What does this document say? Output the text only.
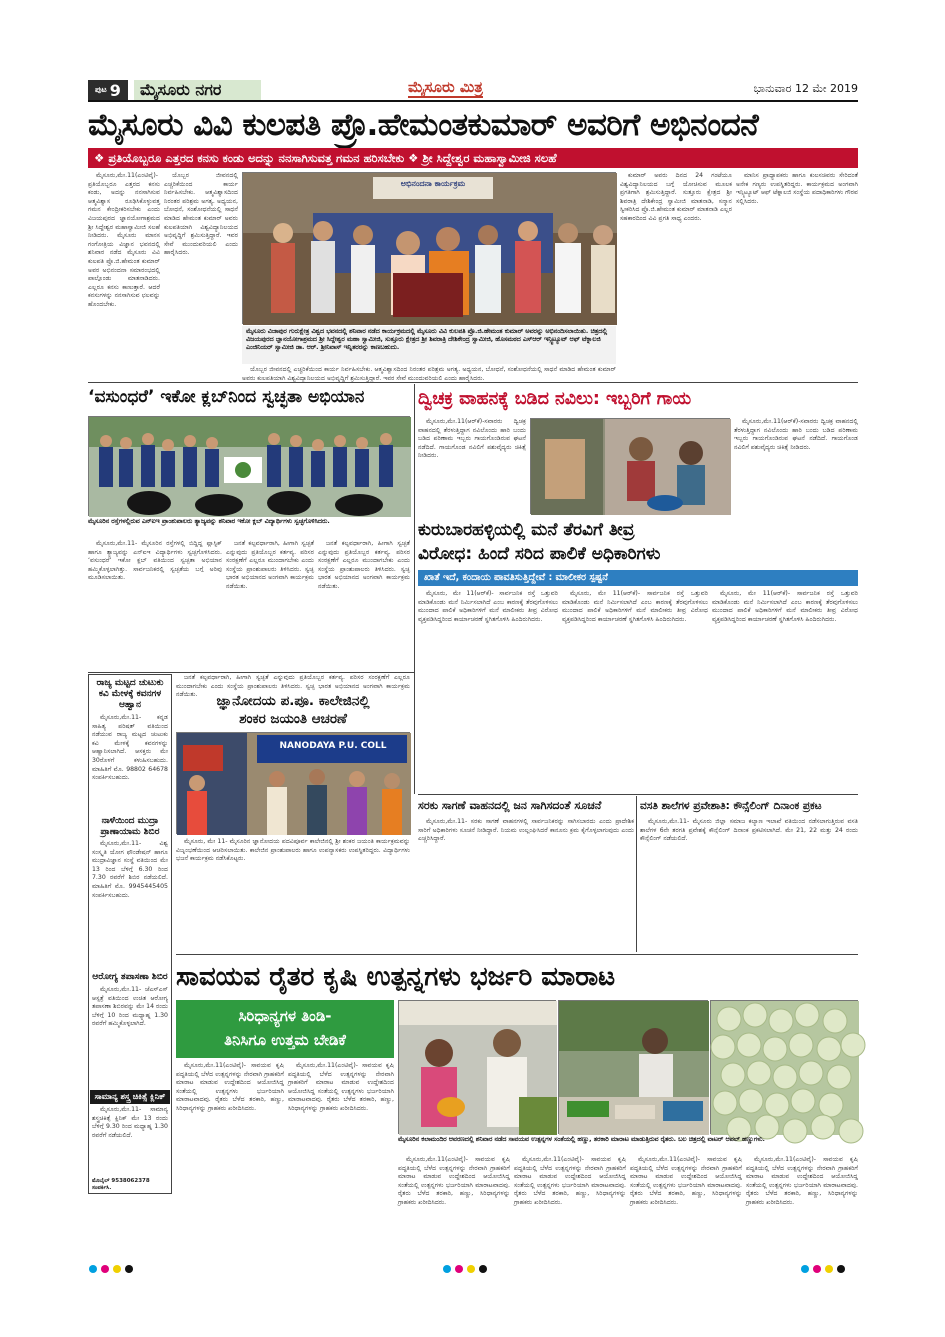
ಪುಟ 9	ಮೈಸೂರು ನಗರ	ಮೈಸೂರು ಮಿತ್ರ	ಭಾನುವಾರ 12 ಮೇ 2019
ಮೈಸೂರು ವಿವಿ ಕುಲಪತಿ ಪ್ರೊ.ಹೇಮಂತಕುಮಾರ್ ಅವರಿಗೆ ಅಭಿನಂದನೆ
❖ ಪ್ರತಿಯೊಬ್ಬರೂ ಎತ್ತರದ ಕನಸು ಕಂಡು ಅದನ್ನು ನನಸಾಗಿಸುವತ್ತ ಗಮನ ಹರಿಸಬೇಕು ❖ ಶ್ರೀ ಸಿದ್ದೇಶ್ವರ ಮಹಾಸ್ವಾಮೀಜಿ ಸಲಹೆ

ಮೈಸೂರು,ಮೇ.11(ಎಂಟಿವೈ)- ಪ್ರತಿಯೊಬ್ಬರೂ ಎತ್ತರದ ಕನಸು ಕಂಡು, ಅದನ್ನು ನನಸಾಗಿಸುವ ಆತ್ಮವಿಶ್ವಾಸ ರೂಢಿಸಿಕೊಳ್ಳುವತ್ತ ಗಮನ ಕೇಂದ್ರೀಕರಿಸಬೇಕು ಎಂದು ವಿಜಯಪುರದ ಜ್ಞಾನಯೋಗಾಶ್ರಮದ ಶ್ರೀ ಸಿದ್ದೇಶ್ವರ ಮಹಾಸ್ವಾಮೀಜಿ ಸಲಹೆ ನೀಡಿದರು. ಮೈಸೂರು ಮಾನಸ ಗಂಗೋತ್ರಿಯ ವಿಜ್ಞಾನ ಭವನದಲ್ಲಿ ಶನಿವಾರ ನಡೆದ ಮೈಸೂರು ವಿವಿ ಕುಲಪತಿ ಪ್ರೊ.ಜಿ.ಹೇಮಂತ ಕುಮಾರ್ ಅವರ ಅಭಿನಂದನಾ ಸಮಾರಂಭದಲ್ಲಿ ಪಾಲ್ಗೊಂಡು ಮಾತನಾಡಿದರು. ಎಲ್ಲರೂ ಕನಸು ಕಾಣುತ್ತಾರೆ. ಆದರೆ ಕನಸುಗಳನ್ನು ನನಸಾಗಿಸುವ ಛಲವನ್ನು ಹೊಂದಬೇಕು.

ಯೊಬ್ಬರ ಜೀವನದಲ್ಲಿ ಎಚ್ಚರಿಕೆಯಿಂದ ಕಾರ್ಯ ನಿರ್ವಹಿಸಬೇಕು. ಆತ್ಮವಿಶ್ವಾಸದಿಂದ ನಿರಂತರ ಪರಿಶ್ರಮ ಅಗತ್ಯ. ಅಧ್ಯಯನ, ಬೋಧನೆ, ಸಂಶೋಧನೆಯಲ್ಲಿ ಸಾಧನೆ ಮಾಡಿದ ಹೇಮಂತ ಕುಮಾರ್ ಅವರು ಕುಲಪತಿಯಾಗಿ ವಿಶ್ವವಿದ್ಯಾನಿಲಯದ ಅಭಿವೃದ್ಧಿಗೆ ಶ್ರಮಿಸುತ್ತಿದ್ದಾರೆ. ಇವರ ಸೇವೆ ಮುಂದುವರಿಯಲಿ ಎಂದು ಹಾರೈಸಿದರು.

ಅಭಿನಂದನಾ ಕಾರ್ಯಕ್ರಮ
ಮೈಸೂರು ವಿಜಾಪುರ ಗುರುಕ್ಷೇತ್ರ ವಿಶ್ವದ ಭವನದಲ್ಲಿ ಶನಿವಾರ ನಡೆದ ಕಾರ್ಯಕ್ರಮದಲ್ಲಿ ಮೈಸೂರು ವಿವಿ ಕುಲಪತಿ ಪ್ರೊ.ಜಿ.ಹೇಮಂತ ಕುಮಾರ್ ಅವರನ್ನು ಅಭಿನಂದಿಸಲಾಯಿತು. ಚಿತ್ರದಲ್ಲಿ ವಿಜಯಪುರದ ಜ್ಞಾನಯೋಗಾಶ್ರಮದ ಶ್ರೀ ಸಿದ್ದೇಶ್ವರ ಮಹಾ ಸ್ವಾಮೀಜಿ, ಸುತ್ತೂರು ಕ್ಷೇತ್ರದ ಶ್ರೀ ಶಿವರಾತ್ರಿ ದೇಶಿಕೇಂದ್ರ ಸ್ವಾಮೀಜಿ, ಹೊಸಮಠದ ಎಸ್‌ಆರ್ ಇನ್ಸ್ಟಿಟ್ಯೂಟ್ ಆಫ್ ಟೆಕ್ನಾಲಜಿ ಎಂಜಿನಿಯರ್ ಸ್ವಾಮೀಜಿ ಡಾ. ಆರ್. ಶ್ರೀನಿವಾಸ್ ಇನ್ನಿತರರನ್ನು ಕಾಣಬಹುದು.

ಯೊಬ್ಬರ ಜೀವನದಲ್ಲಿ ಎಚ್ಚರಿಕೆಯಿಂದ ಕಾರ್ಯ ನಿರ್ವಹಿಸಬೇಕು. ಆತ್ಮವಿಶ್ವಾಸದಿಂದ ನಿರಂತರ ಪರಿಶ್ರಮ ಅಗತ್ಯ. ಅಧ್ಯಯನ, ಬೋಧನೆ, ಸಂಶೋಧನೆಯಲ್ಲಿ ಸಾಧನೆ ಮಾಡಿದ ಹೇಮಂತ ಕುಮಾರ್ ಅವರು ಕುಲಪತಿಯಾಗಿ ವಿಶ್ವವಿದ್ಯಾನಿಲಯದ ಅಭಿವೃದ್ಧಿಗೆ ಶ್ರಮಿಸುತ್ತಿದ್ದಾರೆ. ಇವರ ಸೇವೆ ಮುಂದುವರಿಯಲಿ ಎಂದು ಹಾರೈಸಿದರು.

ಕುಮಾರ್ ಅವರು ದಿನದ 24 ಗಂಟೆಯೂ ವಿಶ್ವವಿದ್ಯಾನಿಲಯದ ಬಗ್ಗೆ ಯೋಚಿಸುವ ಮೂಲಕ ಪ್ರಗತಿಗಾಗಿ ಶ್ರಮಿಸುತ್ತಿದ್ದಾರೆ. ಸುತ್ತೂರು ಕ್ಷೇತ್ರದ ಶ್ರೀ ಶಿವರಾತ್ರಿ ದೇಶಿಕೇಂದ್ರ ಸ್ವಾಮೀಜಿ ಮಾತನಾಡಿ, ಸನ್ಮಾನ ಸ್ವೀಕರಿಸಿದ ಪ್ರೊ.ಜಿ.ಹೇಮಂತ ಕುಮಾರ್ ಮಾತನಾಡಿ ಎಲ್ಲರ ಸಹಕಾರದಿಂದ ವಿವಿ ಪ್ರಗತಿ ಸಾಧ್ಯ ಎಂದರು.

ಮಾನಿಸ ಪ್ರಾಧ್ಯಾಪಕರು ಹಾಗೂ ಕುಲಸಚಿವರು ಸೇರಿದಂತೆ ಅನೇಕ ಗಣ್ಯರು ಉಪಸ್ಥಿತರಿದ್ದರು. ಕಾರ್ಯಕ್ರಮದ ಅಂಗವಾಗಿ ಇನ್ಸ್ಟಿಟ್ಯೂಟ್ ಆಫ್ ಟೆಕ್ನಾಲಜಿ ಸಂಸ್ಥೆಯ ಪದಾಧಿಕಾರಿಗಳು ಗೌರವ ಸಲ್ಲಿಸಿದರು.

‘ವಸುಂಧರೆ’ ಇಕೋ ಕ್ಲಬ್‌ನಿಂದ ಸ್ವಚ್ಛತಾ ಅಭಿಯಾನ
ಮೈಸೂರಿನ ರಸ್ತೆಗಳಲ್ಲಿರುವ ಎನ್‌ಐಇ ಪ್ರಾಂಶುಪಾಲರು ತ್ಯಾಜ್ಯವನ್ನು ಶನಿವಾರ ಇಕೋ ಕ್ಲಬ್ ವಿದ್ಯಾರ್ಥಿಗಳು ಸ್ವಚ್ಛಗೊಳಿಸಿದರು.

ಮೈಸೂರು,ಮೇ.11- ಮೈಸೂರಿನ ರಸ್ತೆಗಳಲ್ಲಿ ಬಿದ್ದಿದ್ದ ಪ್ಲಾಸ್ಟಿಕ್ ಹಾಗೂ ತ್ಯಾಜ್ಯವನ್ನು ಎನ್‌ಐಇ ವಿದ್ಯಾರ್ಥಿಗಳು ಸ್ವಚ್ಛಗೊಳಿಸಿದರು. ‘ವಸುಂಧರೆ’ ಇಕೋ ಕ್ಲಬ್ ವತಿಯಿಂದ ಸ್ವಚ್ಛತಾ ಅಭಿಯಾನ ಹಮ್ಮಿಕೊಳ್ಳಲಾಗಿತ್ತು. ಸಾರ್ವಜನಿಕರಲ್ಲಿ ಸ್ವಚ್ಛತೆಯ ಬಗ್ಗೆ ಅರಿವು ಮೂಡಿಸಲಾಯಿತು.

ಜನತೆ ಕಲ್ಪವರ್ಧಾರಾಗಿ, ಹೀಗಾಗಿ ಸ್ವಚ್ಛತೆ ಎನ್ನುವುದು ಪ್ರತಿಯೊಬ್ಬರ ಕರ್ತವ್ಯ. ಪರಿಸರ ಸಂರಕ್ಷಣೆಗೆ ಎಲ್ಲರೂ ಮುಂದಾಗಬೇಕು ಎಂದು ಸಂಸ್ಥೆಯ ಪ್ರಾಂಶುಪಾಲರು ತಿಳಿಸಿದರು. ಸ್ವಚ್ಛ ಭಾರತ ಅಭಿಯಾನದ ಅಂಗವಾಗಿ ಕಾರ್ಯಕ್ರಮ ನಡೆಯಿತು.

ಜನತೆ ಕಲ್ಪವರ್ಧಾರಾಗಿ, ಹೀಗಾಗಿ ಸ್ವಚ್ಛತೆ ಎನ್ನುವುದು ಪ್ರತಿಯೊಬ್ಬರ ಕರ್ತವ್ಯ. ಪರಿಸರ ಸಂರಕ್ಷಣೆಗೆ ಎಲ್ಲರೂ ಮುಂದಾಗಬೇಕು ಎಂದು ಸಂಸ್ಥೆಯ ಪ್ರಾಂಶುಪಾಲರು ತಿಳಿಸಿದರು. ಸ್ವಚ್ಛ ಭಾರತ ಅಭಿಯಾನದ ಅಂಗವಾಗಿ ಕಾರ್ಯಕ್ರಮ ನಡೆಯಿತು.

ದ್ವಿಚಕ್ರ ವಾಹನಕ್ಕೆ ಬಡಿದ ನವಿಲು: ಇಬ್ಬರಿಗೆ ಗಾಯ

ಮೈಸೂರು,ಮೇ.11(ಆರ್‌ಕೆ)-ಸವಾರರು ದ್ವಿಚಕ್ರ ವಾಹನದಲ್ಲಿ ತೆರಳುತ್ತಿದ್ದಾಗ ನವಿಲೊಂದು ಹಾರಿ ಬಂದು ಬಡಿದ ಪರಿಣಾಮ ಇಬ್ಬರು ಗಾಯಗೊಂಡಿರುವ ಘಟನೆ ನಡೆದಿದೆ. ಗಾಯಗೊಂಡ ನವಿಲಿಗೆ ಪಶುವೈದ್ಯರು ಚಿಕಿತ್ಸೆ ನೀಡಿದರು.

ಮೈಸೂರು,ಮೇ.11(ಆರ್‌ಕೆ)-ಸವಾರರು ದ್ವಿಚಕ್ರ ವಾಹನದಲ್ಲಿ ತೆರಳುತ್ತಿದ್ದಾಗ ನವಿಲೊಂದು ಹಾರಿ ಬಂದು ಬಡಿದ ಪರಿಣಾಮ ಇಬ್ಬರು ಗಾಯಗೊಂಡಿರುವ ಘಟನೆ ನಡೆದಿದೆ. ಗಾಯಗೊಂಡ ನವಿಲಿಗೆ ಪಶುವೈದ್ಯರು ಚಿಕಿತ್ಸೆ ನೀಡಿದರು.

ಕುರುಬಾರಹಳ್ಳಿಯಲ್ಲಿ ಮನೆ ತೆರವಿಗೆ ತೀವ್ರ
ವಿರೋಧ: ಹಿಂದೆ ಸರಿದ ಪಾಲಿಕೆ ಅಧಿಕಾರಿಗಳು
ಖಾತೆ ಇದೆ, ಕಂದಾಯ ಪಾವತಿಸುತ್ತಿದ್ದೇವೆ : ಮಾಲೀಕರ ಸ್ಪಷ್ಟನೆ

ಮೈಸೂರು, ಮೇ 11(ಆರ್‌ಕೆ)- ಸಾರ್ವಜನಿಕ ರಸ್ತೆ ಒತ್ತುವರಿ ಮಾಡಿಕೊಂಡು ಮನೆ ನಿರ್ಮಿಸಲಾಗಿದೆ ಎಂಬ ಕಾರಣಕ್ಕೆ ತೆರವುಗೊಳಿಸಲು ಮುಂದಾದ ಪಾಲಿಕೆ ಅಧಿಕಾರಿಗಳಿಗೆ ಮನೆ ಮಾಲೀಕರು ತೀವ್ರ ವಿರೋಧ ವ್ಯಕ್ತಪಡಿಸಿದ್ದರಿಂದ ಕಾರ್ಯಾಚರಣೆ ಸ್ಥಗಿತಗೊಳಿಸಿ ಹಿಂದಿರುಗಿದರು.

ಮೈಸೂರು, ಮೇ 11(ಆರ್‌ಕೆ)- ಸಾರ್ವಜನಿಕ ರಸ್ತೆ ಒತ್ತುವರಿ ಮಾಡಿಕೊಂಡು ಮನೆ ನಿರ್ಮಿಸಲಾಗಿದೆ ಎಂಬ ಕಾರಣಕ್ಕೆ ತೆರವುಗೊಳಿಸಲು ಮುಂದಾದ ಪಾಲಿಕೆ ಅಧಿಕಾರಿಗಳಿಗೆ ಮನೆ ಮಾಲೀಕರು ತೀವ್ರ ವಿರೋಧ ವ್ಯಕ್ತಪಡಿಸಿದ್ದರಿಂದ ಕಾರ್ಯಾಚರಣೆ ಸ್ಥಗಿತಗೊಳಿಸಿ ಹಿಂದಿರುಗಿದರು.

ಮೈಸೂರು, ಮೇ 11(ಆರ್‌ಕೆ)- ಸಾರ್ವಜನಿಕ ರಸ್ತೆ ಒತ್ತುವರಿ ಮಾಡಿಕೊಂಡು ಮನೆ ನಿರ್ಮಿಸಲಾಗಿದೆ ಎಂಬ ಕಾರಣಕ್ಕೆ ತೆರವುಗೊಳಿಸಲು ಮುಂದಾದ ಪಾಲಿಕೆ ಅಧಿಕಾರಿಗಳಿಗೆ ಮನೆ ಮಾಲೀಕರು ತೀವ್ರ ವಿರೋಧ ವ್ಯಕ್ತಪಡಿಸಿದ್ದರಿಂದ ಕಾರ್ಯಾಚರಣೆ ಸ್ಥಗಿತಗೊಳಿಸಿ ಹಿಂದಿರುಗಿದರು.

ರಾಜ್ಯ ಮಟ್ಟದ ಚುಟುಕು ಕವಿ ಮೇಳಕ್ಕೆ ಕವನಗಳ ಆಹ್ವಾನ

ಮೈಸೂರು,ಮೇ.11- ಕನ್ನಡ ಸಾಹಿತ್ಯ ಪರಿಷತ್ ವತಿಯಿಂದ ನಡೆಯುವ ರಾಜ್ಯ ಮಟ್ಟದ ಚುಟುಕು ಕವಿ ಮೇಳಕ್ಕೆ ಕವನಗಳನ್ನು ಆಹ್ವಾನಿಸಲಾಗಿದೆ. ಆಸಕ್ತರು ಮೇ 30ರೊಳಗೆ ಕಳುಹಿಸಬಹುದು. ಮಾಹಿತಿಗೆ ಮೊ. 98802 64678 ಸಂಪರ್ಕಿಸಬಹುದು.

ನಾಳೆಯಿಂದ ಮುದ್ರಾ ಪ್ರಾಣಾಯಾಮ ಶಿಬಿರ

ಮೈಸೂರು,ಮೇ.11- ವಿಶ್ವ ಸಂಸ್ಕೃತಿ ಯೋಗ ಫೌಂಡೇಷನ್ ಹಾಗೂ ಮುದ್ರಾವಿಜ್ಞಾನ ಸಂಸ್ಥೆ ವತಿಯಿಂದ ಮೇ 13 ರಿಂದ ಬೆಳಿಗ್ಗೆ 6.30 ರಿಂದ 7.30 ರವರೆಗೆ ಶಿಬಿರ ನಡೆಯಲಿದೆ. ಮಾಹಿತಿಗೆ ಮೊ. 9945445405 ಸಂಪರ್ಕಿಸಬಹುದು.

ಆರೋಗ್ಯ ತಪಾಸಣಾ ಶಿಬಿರ

ಮೈಸೂರು,ಮೇ.11- ಜೆಎಸ್‌ಎಸ್ ಆಸ್ಪತ್ರೆ ವತಿಯಿಂದ ಉಚಿತ ಆರೋಗ್ಯ ತಪಾಸಣಾ ಶಿಬಿರವನ್ನು ಮೇ 14 ರಂದು ಬೆಳಿಗ್ಗೆ 10 ರಿಂದ ಮಧ್ಯಾಹ್ನ 1.30 ರವರೆಗೆ ಹಮ್ಮಿಕೊಳ್ಳಲಾಗಿದೆ.

ಸಾಮಾನ್ಯ ಶಸ್ತ್ರ ಚಿಕಿತ್ಸೆ ಕ್ಲಿನಿಕ್

ಮೈಸೂರು,ಮೇ.11- ಸಾಮಾನ್ಯ ಶಸ್ತ್ರಚಿಕಿತ್ಸೆ ಕ್ಲಿನಿಕ್ ಮೇ 13 ರಂದು ಬೆಳಿಗ್ಗೆ 9.30 ರಿಂದ ಮಧ್ಯಾಹ್ನ 1.30 ರವರೆಗೆ ನಡೆಯಲಿದೆ.

ಮೊಬೈಲ್ 9538062378 ಸಂಪರ್ಕಿಸಿ.

ಜನತೆ ಕಲ್ಪವರ್ಧಾರಾಗಿ, ಹೀಗಾಗಿ ಸ್ವಚ್ಛತೆ ಎನ್ನುವುದು ಪ್ರತಿಯೊಬ್ಬರ ಕರ್ತವ್ಯ. ಪರಿಸರ ಸಂರಕ್ಷಣೆಗೆ ಎಲ್ಲರೂ ಮುಂದಾಗಬೇಕು ಎಂದು ಸಂಸ್ಥೆಯ ಪ್ರಾಂಶುಪಾಲರು ತಿಳಿಸಿದರು. ಸ್ವಚ್ಛ ಭಾರತ ಅಭಿಯಾನದ ಅಂಗವಾಗಿ ಕಾರ್ಯಕ್ರಮ ನಡೆಯಿತು.	ಜ್ಞಾನೋದಯ ಪ.ಪೂ. ಕಾಲೇಜಿನಲ್ಲಿ
ಶಂಕರ ಜಯಂತಿ ಆಚರಣೆ
NANODAYA P.U. COLL

ಮೈಸೂರು, ಮೇ 11- ಮೈಸೂರಿನ ಜ್ಞಾನೋದಯ ಪದವಿಪೂರ್ವ ಕಾಲೇಜಿನಲ್ಲಿ ಶ್ರೀ ಶಂಕರ ಜಯಂತಿ ಕಾರ್ಯಕ್ರಮವನ್ನು ವಿಜೃಂಭಣೆಯಿಂದ ಆಚರಿಸಲಾಯಿತು. ಕಾಲೇಜಿನ ಪ್ರಾಂಶುಪಾಲರು ಹಾಗೂ ಉಪನ್ಯಾಸಕರು ಉಪಸ್ಥಿತರಿದ್ದರು. ವಿದ್ಯಾರ್ಥಿಗಳು ಭಜನೆ ಕಾರ್ಯಕ್ರಮ ನಡೆಸಿಕೊಟ್ಟರು.

ಸರಕು ಸಾಗಣೆ ವಾಹನದಲ್ಲಿ ಜನ ಸಾಗಿಸದಂತೆ ಸೂಚನೆ

ಮೈಸೂರು,ಮೇ.11- ಸರಕು ಸಾಗಣೆ ವಾಹನಗಳಲ್ಲಿ ಸಾರ್ವಜನಿಕರನ್ನು ಸಾಗಿಸಬಾರದು ಎಂದು ಪ್ರಾದೇಶಿಕ ಸಾರಿಗೆ ಅಧಿಕಾರಿಗಳು ಸೂಚನೆ ನೀಡಿದ್ದಾರೆ. ನಿಯಮ ಉಲ್ಲಂಘಿಸಿದರೆ ಕಾನೂನು ಕ್ರಮ ಕೈಗೊಳ್ಳಲಾಗುವುದು ಎಂದು ಎಚ್ಚರಿಸಿದ್ದಾರೆ.

ವಸತಿ ಶಾಲೆಗಳ ಪ್ರವೇಶಾತಿ: ಕೌನ್ಸೆಲಿಂಗ್ ದಿನಾಂಕ ಪ್ರಕಟ

ಮೈಸೂರು,ಮೇ.11- ಮೈಸೂರು ಜಿಲ್ಲಾ ಸಮಾಜ ಕಲ್ಯಾಣ ಇಲಾಖೆ ವತಿಯಿಂದ ನಡೆಸಲಾಗುತ್ತಿರುವ ವಸತಿ ಶಾಲೆಗಳ 6ನೇ ತರಗತಿ ಪ್ರವೇಶಕ್ಕೆ ಕೌನ್ಸೆಲಿಂಗ್ ದಿನಾಂಕ ಪ್ರಕಟಿಸಲಾಗಿದೆ. ಮೇ 21, 22 ಮತ್ತು 24 ರಂದು ಕೌನ್ಸೆಲಿಂಗ್ ನಡೆಯಲಿದೆ.

ಸಾವಯವ ರೈತರ ಕೃಷಿ ಉತ್ಪನ್ನಗಳು ಭರ್ಜರಿ ಮಾರಾಟ
ಸಿರಿಧಾನ್ಯಗಳ ತಿಂಡಿ-
ತಿನಿಸಿಗೂ ಉತ್ತಮ ಬೇಡಿಕೆ

ಮೈಸೂರು,ಮೇ.11(ಎಂಟಿವೈ)- ಸಾವಯವ ಕೃಷಿ ಪದ್ಧತಿಯಲ್ಲಿ ಬೆಳೆದ ಉತ್ಪನ್ನಗಳನ್ನು ನೇರವಾಗಿ ಗ್ರಾಹಕರಿಗೆ ಮಾರಾಟ ಮಾಡುವ ಉದ್ದೇಶದಿಂದ ಆಯೋಜಿಸಿದ್ದ ಸಂತೆಯಲ್ಲಿ ಉತ್ಪನ್ನಗಳು ಭರ್ಜರಿಯಾಗಿ ಮಾರಾಟವಾದವು. ರೈತರು ಬೆಳೆದ ತರಕಾರಿ, ಹಣ್ಣು, ಸಿರಿಧಾನ್ಯಗಳನ್ನು ಗ್ರಾಹಕರು ಖರೀದಿಸಿದರು.

ಮೈಸೂರು,ಮೇ.11(ಎಂಟಿವೈ)- ಸಾವಯವ ಕೃಷಿ ಪದ್ಧತಿಯಲ್ಲಿ ಬೆಳೆದ ಉತ್ಪನ್ನಗಳನ್ನು ನೇರವಾಗಿ ಗ್ರಾಹಕರಿಗೆ ಮಾರಾಟ ಮಾಡುವ ಉದ್ದೇಶದಿಂದ ಆಯೋಜಿಸಿದ್ದ ಸಂತೆಯಲ್ಲಿ ಉತ್ಪನ್ನಗಳು ಭರ್ಜರಿಯಾಗಿ ಮಾರಾಟವಾದವು. ರೈತರು ಬೆಳೆದ ತರಕಾರಿ, ಹಣ್ಣು, ಸಿರಿಧಾನ್ಯಗಳನ್ನು ಗ್ರಾಹಕರು ಖರೀದಿಸಿದರು.

ಮೈಸೂರಿನ ಕಲಾಮಂದಿರ ಆವರಣದಲ್ಲಿ ಶನಿವಾರ ನಡೆದ ಸಾವಯವ ಉತ್ಪನ್ನಗಳ ಸಂತೆಯಲ್ಲಿ ಹಣ್ಣು, ತರಕಾರಿ ಮಾರಾಟ ಮಾಡುತ್ತಿರುವ ರೈತರು. ಬಲ ಚಿತ್ರದಲ್ಲಿ ವಾಟರ್ ಆಪಲ್ ಹಣ್ಣುಗಳು.

ಮೈಸೂರು,ಮೇ.11(ಎಂಟಿವೈ)- ಸಾವಯವ ಕೃಷಿ ಪದ್ಧತಿಯಲ್ಲಿ ಬೆಳೆದ ಉತ್ಪನ್ನಗಳನ್ನು ನೇರವಾಗಿ ಗ್ರಾಹಕರಿಗೆ ಮಾರಾಟ ಮಾಡುವ ಉದ್ದೇಶದಿಂದ ಆಯೋಜಿಸಿದ್ದ ಸಂತೆಯಲ್ಲಿ ಉತ್ಪನ್ನಗಳು ಭರ್ಜರಿಯಾಗಿ ಮಾರಾಟವಾದವು. ರೈತರು ಬೆಳೆದ ತರಕಾರಿ, ಹಣ್ಣು, ಸಿರಿಧಾನ್ಯಗಳನ್ನು ಗ್ರಾಹಕರು ಖರೀದಿಸಿದರು.

ಮೈಸೂರು,ಮೇ.11(ಎಂಟಿವೈ)- ಸಾವಯವ ಕೃಷಿ ಪದ್ಧತಿಯಲ್ಲಿ ಬೆಳೆದ ಉತ್ಪನ್ನಗಳನ್ನು ನೇರವಾಗಿ ಗ್ರಾಹಕರಿಗೆ ಮಾರಾಟ ಮಾಡುವ ಉದ್ದೇಶದಿಂದ ಆಯೋಜಿಸಿದ್ದ ಸಂತೆಯಲ್ಲಿ ಉತ್ಪನ್ನಗಳು ಭರ್ಜರಿಯಾಗಿ ಮಾರಾಟವಾದವು. ರೈತರು ಬೆಳೆದ ತರಕಾರಿ, ಹಣ್ಣು, ಸಿರಿಧಾನ್ಯಗಳನ್ನು ಗ್ರಾಹಕರು ಖರೀದಿಸಿದರು.

ಮೈಸೂರು,ಮೇ.11(ಎಂಟಿವೈ)- ಸಾವಯವ ಕೃಷಿ ಪದ್ಧತಿಯಲ್ಲಿ ಬೆಳೆದ ಉತ್ಪನ್ನಗಳನ್ನು ನೇರವಾಗಿ ಗ್ರಾಹಕರಿಗೆ ಮಾರಾಟ ಮಾಡುವ ಉದ್ದೇಶದಿಂದ ಆಯೋಜಿಸಿದ್ದ ಸಂತೆಯಲ್ಲಿ ಉತ್ಪನ್ನಗಳು ಭರ್ಜರಿಯಾಗಿ ಮಾರಾಟವಾದವು. ರೈತರು ಬೆಳೆದ ತರಕಾರಿ, ಹಣ್ಣು, ಸಿರಿಧಾನ್ಯಗಳನ್ನು ಗ್ರಾಹಕರು ಖರೀದಿಸಿದರು.

ಮೈಸೂರು,ಮೇ.11(ಎಂಟಿವೈ)- ಸಾವಯವ ಕೃಷಿ ಪದ್ಧತಿಯಲ್ಲಿ ಬೆಳೆದ ಉತ್ಪನ್ನಗಳನ್ನು ನೇರವಾಗಿ ಗ್ರಾಹಕರಿಗೆ ಮಾರಾಟ ಮಾಡುವ ಉದ್ದೇಶದಿಂದ ಆಯೋಜಿಸಿದ್ದ ಸಂತೆಯಲ್ಲಿ ಉತ್ಪನ್ನಗಳು ಭರ್ಜರಿಯಾಗಿ ಮಾರಾಟವಾದವು. ರೈತರು ಬೆಳೆದ ತರಕಾರಿ, ಹಣ್ಣು, ಸಿರಿಧಾನ್ಯಗಳನ್ನು ಗ್ರಾಹಕರು ಖರೀದಿಸಿದರು.
